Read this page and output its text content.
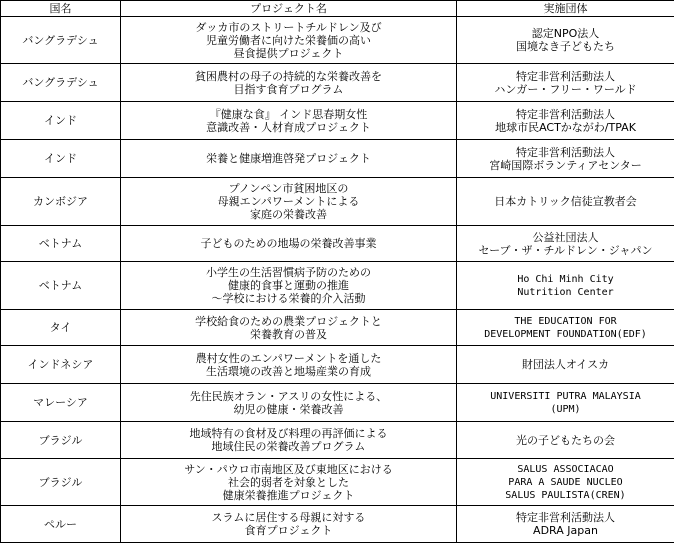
国名	プロジェクト名	実施団体
バングラデシュ	ダッカ市のストリートチルドレン及び
児童労働者に向けた栄養価の高い
昼食提供プロジェクト	認定NPO法人
国境なき子どもたち

バングラデシュ	貧困農村の母子の持続的な栄養改善を
目指す食育プログラム	特定非営利活動法人
ハンガー・フリー・ワールド

インド	『健康な食』 インド思春期女性
意識改善・人材育成プロジェクト	特定非営利活動法人
地球市民ACTかながわ/TPAK

インド	栄養と健康増進啓発プロジェクト	特定非営利活動法人
宮崎国際ボランティアセンター

カンボジア	プノンペン市貧困地区の
母親エンパワーメントによる
家庭の栄養改善	日本カトリック信徒宣教者会

ベトナム	子どものための地場の栄養改善事業	公益社団法人
セーブ・ザ・チルドレン・ジャパン

ベトナム	小学生の生活習慣病予防のための
健康的食事と運動の推進
～学校における栄養的介入活動	Ho Chi Minh City
Nutrition Center

タイ	学校給食のための農業プロジェクトと
栄養教育の普及	THE EDUCATION FOR
DEVELOPMENT FOUNDATION(EDF)

インドネシア	農村女性のエンパワーメントを通した
生活環境の改善と地場産業の育成	財団法人オイスカ

マレーシア	先住民族オラン・アスリの女性による、
幼児の健康・栄養改善	UNIVERSITI PUTRA MALAYSIA
(UPM)

ブラジル	地域特有の食材及び料理の再評価による
地域住民の栄養改善プログラム	光の子どもたちの会

ブラジル	サン・パウロ市南地区及び東地区における
社会的弱者を対象とした
健康栄養推進プロジェクト	SALUS ASSOCIACAO
PARA A SAUDE NUCLEO
SALUS PAULISTA(CREN)

ペルー	スラムに居住する母親に対する
食育プロジェクト	特定非営利活動法人
ADRA Japan
